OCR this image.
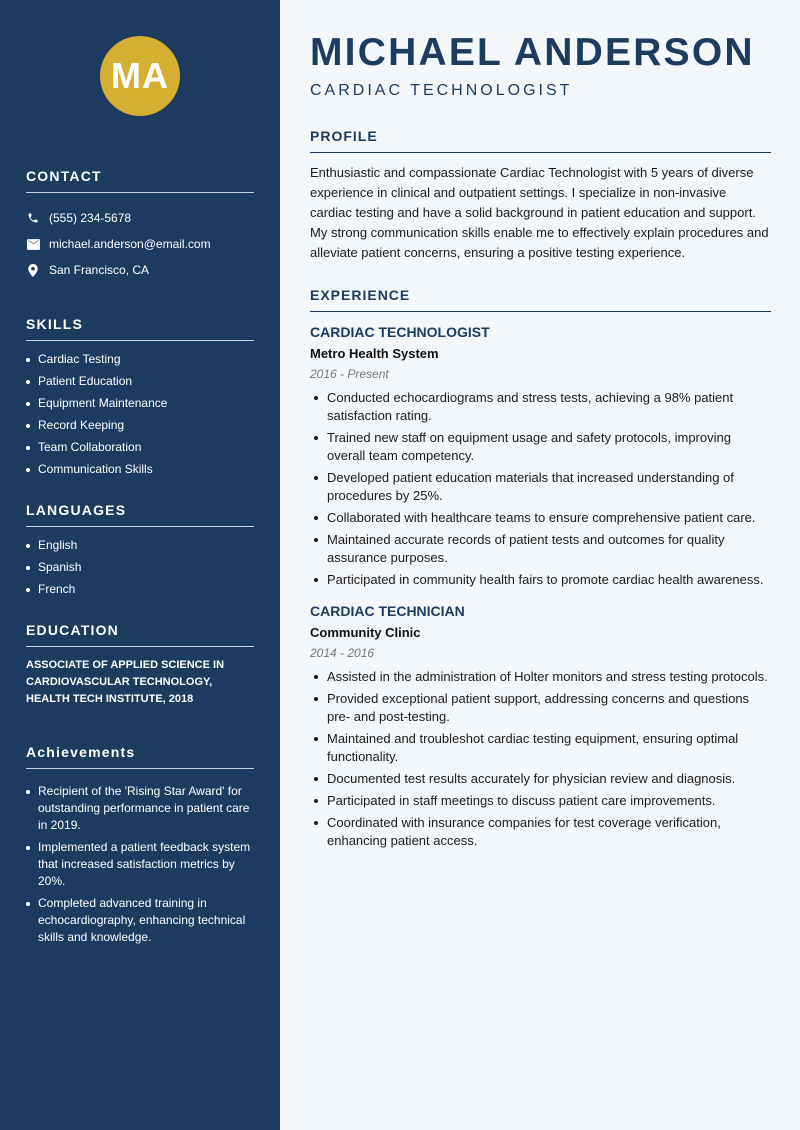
MA
CONTACT
(555) 234-5678
michael.anderson@email.com
San Francisco, CA
SKILLS
Cardiac Testing
Patient Education
Equipment Maintenance
Record Keeping
Team Collaboration
Communication Skills
LANGUAGES
English
Spanish
French
EDUCATION

ASSOCIATE OF APPLIED SCIENCE IN CARDIOVASCULAR TECHNOLOGY, HEALTH TECH INSTITUTE, 2018

Achievements
Recipient of the 'Rising Star Award' for outstanding performance in patient care in 2019.
Implemented a patient feedback system that increased satisfaction metrics by 20%.
Completed advanced training in echocardiography, enhancing technical skills and knowledge.
MICHAEL ANDERSON

CARDIAC TECHNOLOGIST

PROFILE

Enthusiastic and compassionate Cardiac Technologist with 5 years of diverse experience in clinical and outpatient settings. I specialize in non-invasive cardiac testing and have a solid background in patient education and support. My strong communication skills enable me to effectively explain procedures and alleviate patient concerns, ensuring a positive testing experience.

EXPERIENCE
CARDIAC TECHNOLOGIST

Metro Health System

2016 - Present

Conducted echocardiograms and stress tests, achieving a 98% patient satisfaction rating.
Trained new staff on equipment usage and safety protocols, improving overall team competency.
Developed patient education materials that increased understanding of procedures by 25%.
Collaborated with healthcare teams to ensure comprehensive patient care.
Maintained accurate records of patient tests and outcomes for quality assurance purposes.
Participated in community health fairs to promote cardiac health awareness.
CARDIAC TECHNICIAN

Community Clinic

2014 - 2016

Assisted in the administration of Holter monitors and stress testing protocols.
Provided exceptional patient support, addressing concerns and questions pre- and post-testing.
Maintained and troubleshot cardiac testing equipment, ensuring optimal functionality.
Documented test results accurately for physician review and diagnosis.
Participated in staff meetings to discuss patient care improvements.
Coordinated with insurance companies for test coverage verification, enhancing patient access.
